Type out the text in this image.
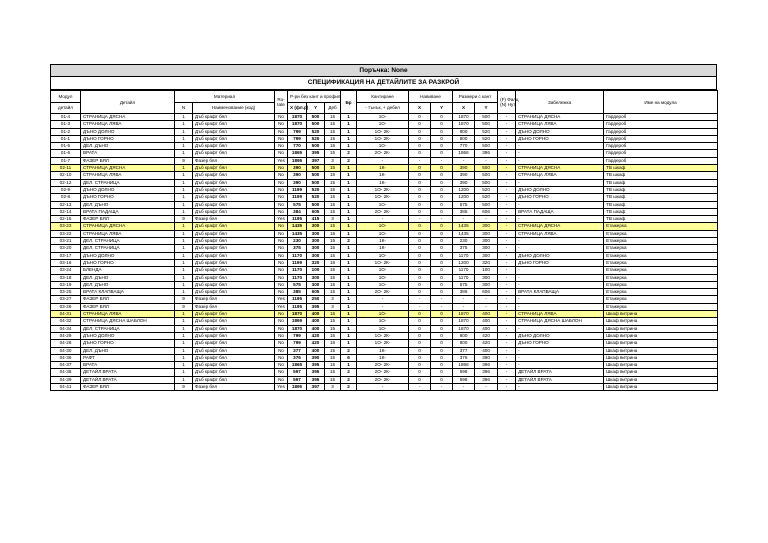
Поръчка: None
СПЕЦИФИКАЦИЯ НА ДЕТАЙЛИТЕ ЗА РАЗКРОЙ
Модул	Детайл	Материал		Ro-
tate	Р-ри без кант и профил			Бр	Кантиране	Навиване		Размери с кант		(F) Фалц
(N) Нут	Забележка	Име на модула
детайл		N	Наименование (код)		X (фл.р)	Y	Деб		- тънък, + дебел	X	Y	X	Y			
01-4	СТРАНИЦА ДЯСНА	1	Дъб крафт бял	No	1870	500	15	1	1О-	0	0	1870	500	-	СТРАНИЦА ДЯСНА	Гардероб
01-3	СТРАНИЦА ЛЯВА	1	Дъб крафт бял	No	1870	500	15	1	1О-	0	0	1870	500	-	СТРАНИЦА ЛЯВА	Гардероб
01-2	ДЪНО ДОЛНО	1	Дъб крафт бял	No	799	520	15	1	1О- 2К-	0	0	800	520	-	ДЪНО ДОЛНО	Гардероб
01-1	ДЪНО ГОРНО	1	Дъб крафт бял	No	799	520	15	1	1О- 2К-	0	0	800	520	-	ДЪНО ГОРНО	Гардероб
01-5	ДЕЛ. ДЪНО	1	Дъб крафт бял	No	770	500	15	1	1О-	0	0	770	500	-	-	Гардероб
01-6	ВРАТА	1	Дъб крафт бял	No	1865	395	15	2	2О- 2К-	0	0	1866	396	-	-	Гардероб
01-7	ФАЗЕР БЯЛ	9	Фазер бял	Yes	1895	397	3	2	-	-	-	-	-	-	-	Гардероб
02-11	СТРАНИЦА ДЯСНА	1	Дъб крафт бял	No	390	500	15	1	1К-	0	0	390	500	-	СТРАНИЦА ДЯСНА	ТВ шкаф
02-10	СТРАНИЦА ЛЯВА	1	Дъб крафт бял	No	390	500	15	1	1К-	0	0	390	500	-	СТРАНИЦА ЛЯВА	ТВ шкаф
02-12	ДЕЛ. СТРАНИЦА	1	Дъб крафт бял	No	390	500	15	1	1К-	0	0	390	500	-	-	ТВ шкаф
02-9	ДЪНО ДОЛНО	1	Дъб крафт бял	No	1199	520	15	1	1О- 2К-	0	0	1200	520	-	ДЪНО ДОЛНО	ТВ шкаф
02-8	ДЪНО ГОРНО	1	Дъб крафт бял	No	1199	520	15	1	1О- 2К-	0	0	1200	520	-	ДЪНО ГОРНО	ТВ шкаф
02-13	ДЕЛ. ДЪНО	1	Дъб крафт бял	No	575	500	15	1	1О-	0	0	575	500	-	-	ТВ шкаф
02-14	ВРАТА ПАДАЩА	1	Дъб крафт бял	No	384	605	15	1	2О- 2К-	0	0	385	606	-	ВРАТА ПАДАЩА	ТВ шкаф
02-15	ФАЗЕР БЯЛ	9	Фазер бял	Yes	1195	415	3	1	-	-	-	-	-	-	-	ТВ шкаф
03-23	СТРАНИЦА ДЯСНА	1	Дъб крафт бял	No	1435	300	15	1	1О-	0	0	1435	300	-	СТРАНИЦА ДЯСНА	Етажерка
03-22	СТРАНИЦА ЛЯВА	1	Дъб крафт бял	No	1435	300	15	1	1О-	0	0	1435	300	-	СТРАНИЦА ЛЯВА	Етажерка
03-21	ДЕЛ. СТРАНИЦА	1	Дъб крафт бял	No	230	300	15	2	1К-	0	0	230	300	-	-	Етажерка
03-20	ДЕЛ. СТРАНИЦА	1	Дъб крафт бял	No	375	300	15	1	1К-	0	0	375	300	-	-	Етажерка
03-17	ДЪНО ДОЛНО	1	Дъб крафт бял	No	1170	300	15	1	1О-	0	0	1170	300	-	ДЪНО ДОЛНО	Етажерка
03-16	ДЪНО ГОРНО	1	Дъб крафт бял	No	1199	320	15	1	1О- 2К-	0	0	1200	320	-	ДЪНО ГОРНО	Етажерка
03-24	БЛЕНДА	1	Дъб крафт бял	No	1170	100	15	1	1О-	0	0	1170	100	-	-	Етажерка
03-18	ДЕЛ. ДЪНО	1	Дъб крафт бял	No	1170	300	15	1	1О-	0	0	1170	300	-	-	Етажерка
03-19	ДЕЛ. ДЪНО	1	Дъб крафт бял	No	575	300	15	1	1О-	0	0	575	300	-	-	Етажерка
03-25	ВРАТА КЛАПВАЩА	1	Дъб крафт бял	No	385	605	15	1	2О- 2К-	0	0	386	606	-	ВРАТА КЛАПВАЩА	Етажерка
03-27	ФАЗЕР БЯЛ	9	Фазер бял	Yes	1195	250	3	1	-	-	-	-	-	-	-	Етажерка
03-26	ФАЗЕР БЯЛ	9	Фазер бял	Yes	1195	395	3	1	-	-	-	-	-	-	-	Етажерка
04-31	СТРАНИЦА ЛЯВА	1	Дъб крафт бял	No	1870	400	15	1	1О-	0	0	1870	400	-	СТРАНИЦА ЛЯВА	Шкаф витрина
04-32	СТРАНИЦА ДЯСНА ШАБЛОН	1	Дъб крафт бял	No	1869	400	15	1	1О-	0	0	1870	400	-	СТРАНИЦА ДЯСНА ШАБЛОН	Шкаф витрина
04-34	ДЕЛ. СТРАНИЦА	1	Дъб крафт бял	No	1870	400	15	1	1О-	0	0	1870	400	-	-	Шкаф витрина
04-29	ДЪНО ДОЛНО	1	Дъб крафт бял	No	799	420	15	1	1О- 2К-	0	0	800	420	-	ДЪНО ДОЛНО	Шкаф витрина
04-28	ДЪНО ГОРНО	1	Дъб крафт бял	No	799	420	15	1	1О- 2К-	0	0	800	420	-	ДЪНО ГОРНО	Шкаф витрина
04-30	ДЕЛ. ДЪНО	1	Дъб крафт бял	No	377	400	15	2	1К-	0	0	377	400	-	-	Шкаф витрина
04-36	РАФТ	1	Дъб крафт бял	No	376	390	15	6	1К-	0	0	376	390	-	-	Шкаф витрина
04-37	ВРАТА	1	Дъб крафт бял	No	1865	395	15	1	2О- 2К-	0	0	1866	396	-	-	Шкаф витрина
04-38	ДЕТАЙЛ ВРАТА	1	Дъб крафт бял	No	597	395	15	2	2О- 2К-	0	0	598	396	-	ДЕТАЙЛ ВРАТА	Шкаф витрина
04-39	ДЕТАЙЛ ВРАТА	1	Дъб крафт бял	No	597	395	15	2	2О- 2К-	0	0	598	396	-	ДЕТАЙЛ ВРАТА	Шкаф витрина
04-41	ФАЗЕР БЯЛ	9	Фазер бял	Yes	1895	397	3	2	-	-	-	-	-	-	-	Шкаф витрина
